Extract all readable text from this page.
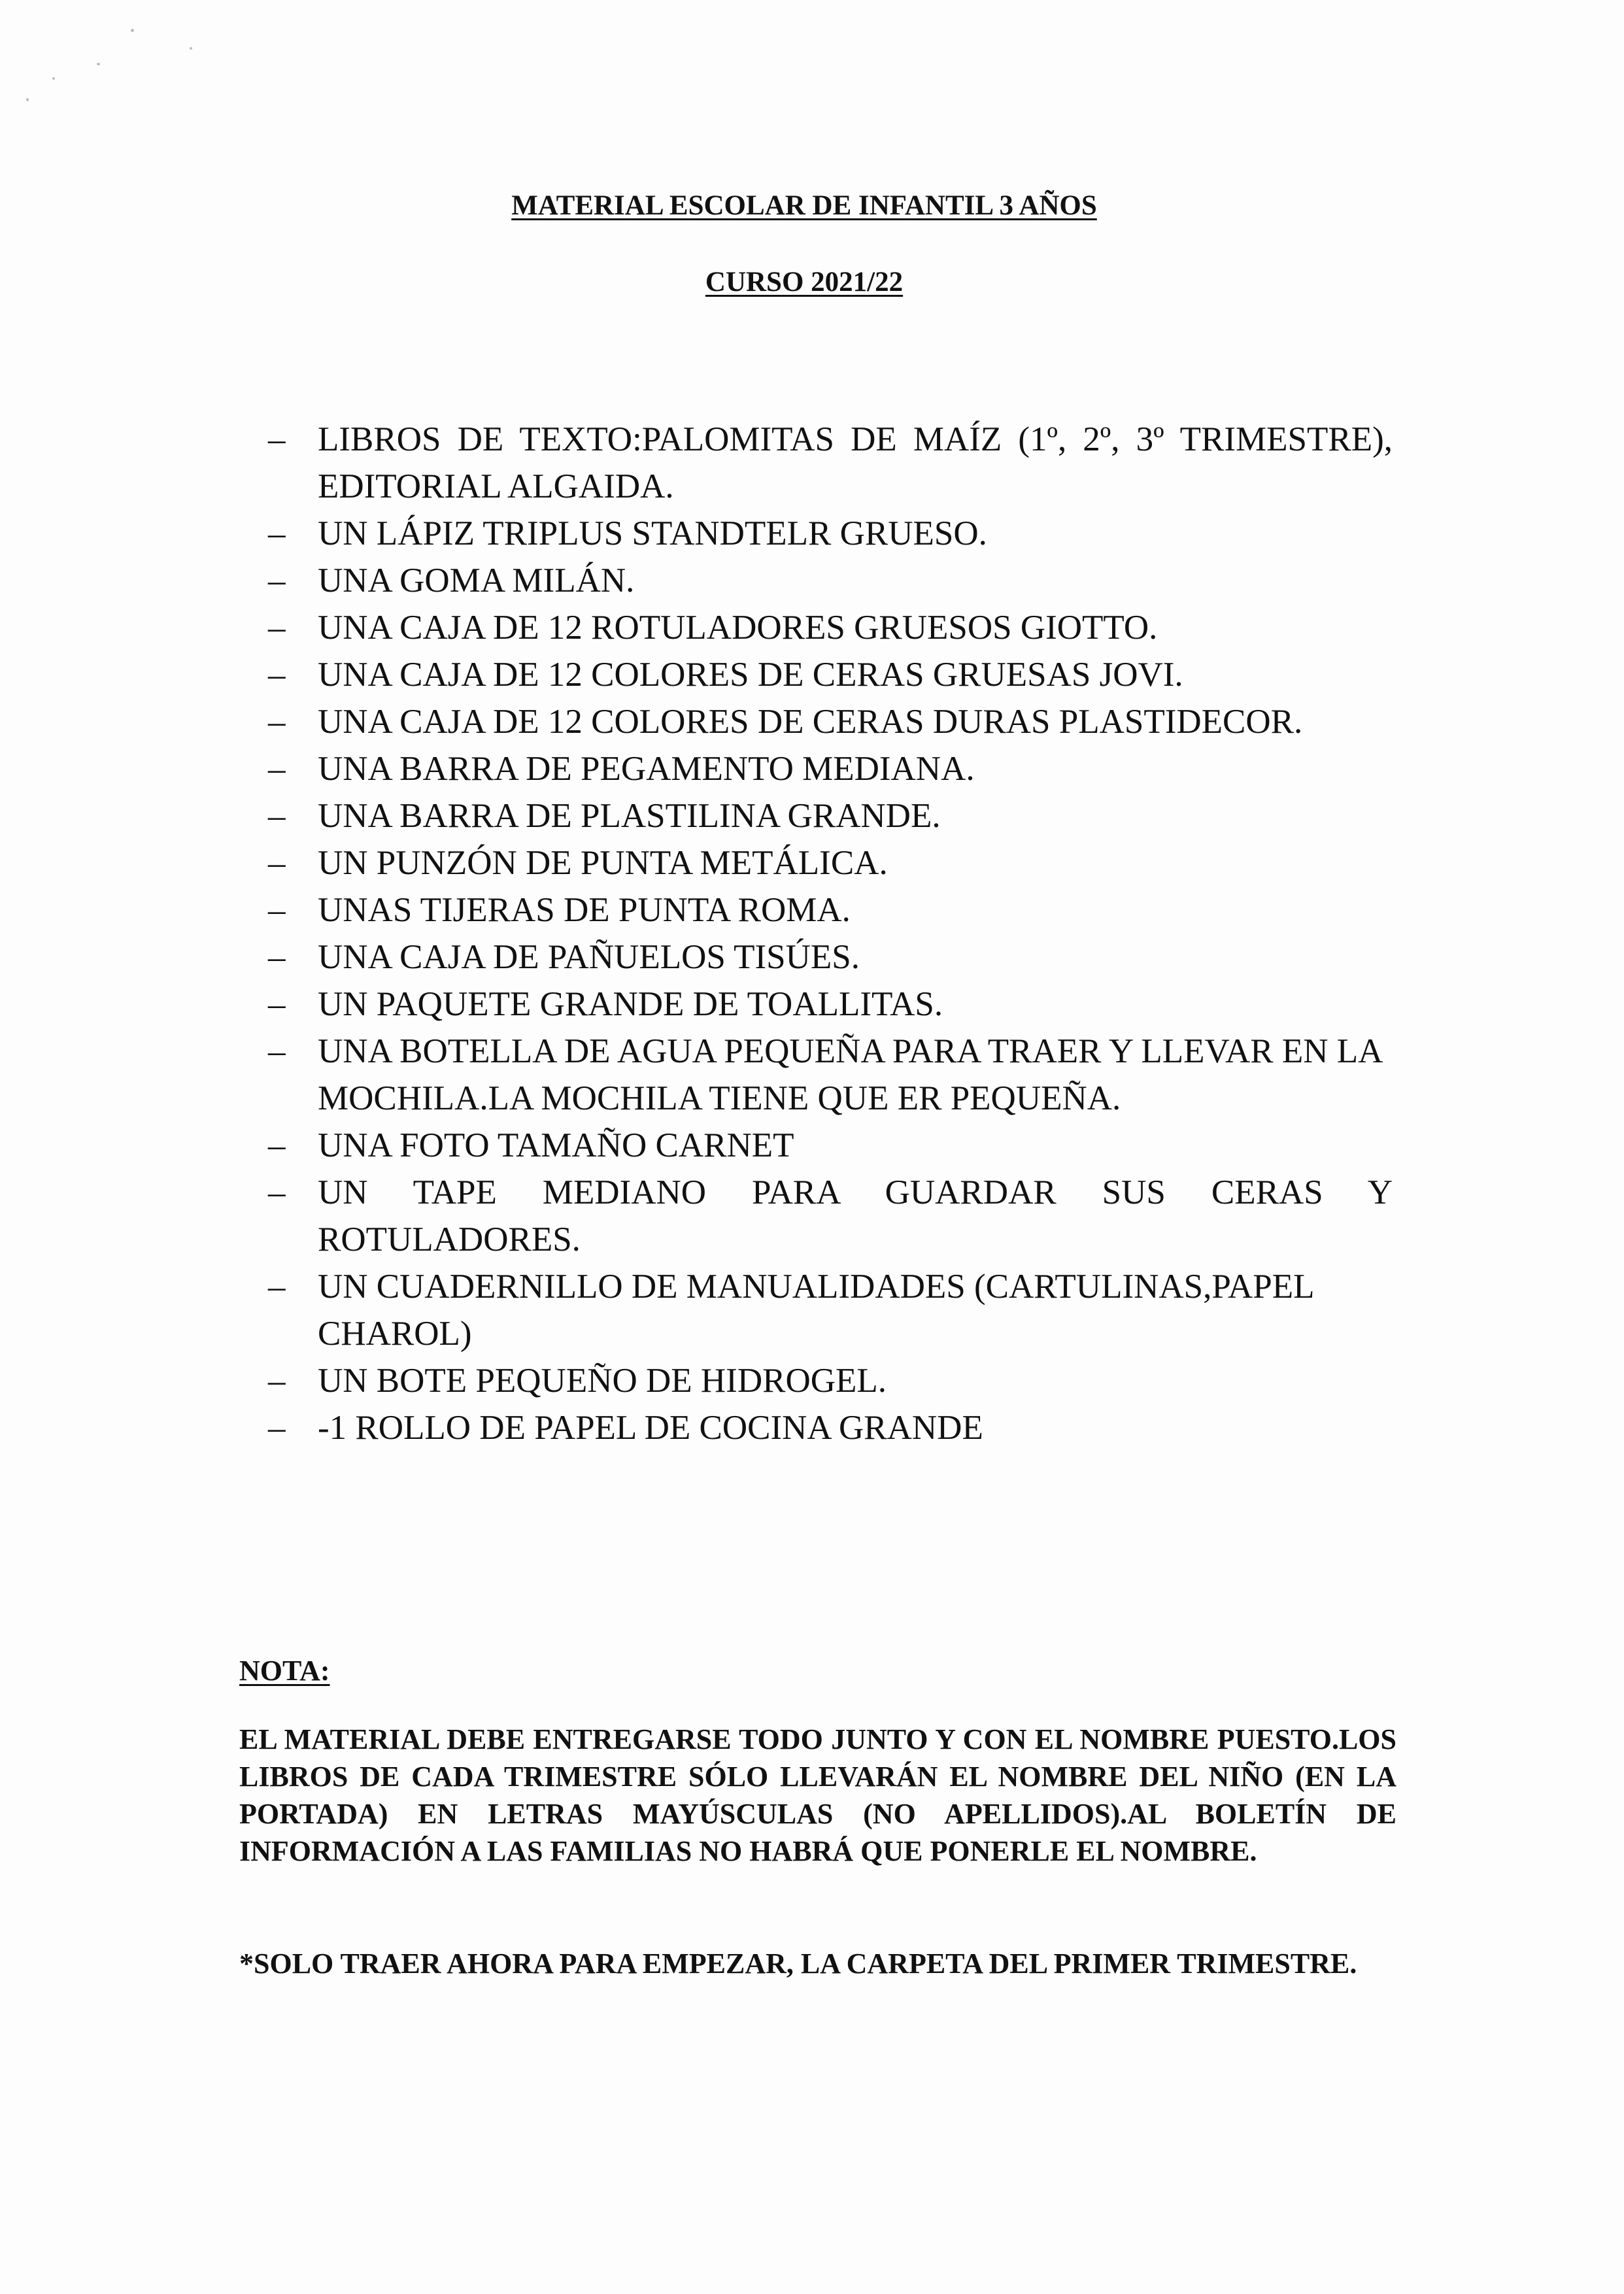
MATERIAL ESCOLAR DE INFANTIL 3 AÑOS
CURSO 2021/22
– LIBROS DE TEXTO:PALOMITAS DE MAÍZ (1º, 2º, 3º TRIMESTRE), EDITORIAL ALGAIDA.
– UN LÁPIZ TRIPLUS STANDTELR GRUESO.
– UNA GOMA MILÁN.
– UNA CAJA DE 12 ROTULADORES GRUESOS GIOTTO.
– UNA CAJA DE 12 COLORES DE CERAS GRUESAS JOVI.
– UNA CAJA DE 12 COLORES DE CERAS DURAS PLASTIDECOR.
– UNA BARRA DE PEGAMENTO MEDIANA.
– UNA BARRA DE PLASTILINA GRANDE.
– UN PUNZÓN DE PUNTA METÁLICA.
– UNAS TIJERAS DE PUNTA ROMA.
– UNA CAJA DE PAÑUELOS TISÚES.
– UN PAQUETE GRANDE DE TOALLITAS.
– UNA BOTELLA DE AGUA PEQUEÑA PARA TRAER Y LLEVAR EN LA MOCHILA.LA MOCHILA TIENE QUE ER PEQUEÑA.
– UNA FOTO TAMAÑO CARNET
– UN TAPE MEDIANO PARA GUARDAR SUS CERAS Y ROTULADORES.
– UN CUADERNILLO DE MANUALIDADES (CARTULINAS,PAPEL CHAROL)
– UN BOTE PEQUEÑO DE HIDROGEL.
– -1 ROLLO DE PAPEL DE COCINA GRANDE

NOTA:

EL MATERIAL DEBE ENTREGARSE TODO JUNTO Y CON EL NOMBRE PUESTO.LOS LIBROS DE CADA TRIMESTRE SÓLO LLEVARÁN EL NOMBRE DEL NIÑO (EN LA PORTADA) EN LETRAS MAYÚSCULAS (NO APELLIDOS).AL BOLETÍN DE INFORMACIÓN A LAS FAMILIAS NO HABRÁ QUE PONERLE EL NOMBRE.

*SOLO TRAER AHORA PARA EMPEZAR, LA CARPETA DEL PRIMER TRIMESTRE.
